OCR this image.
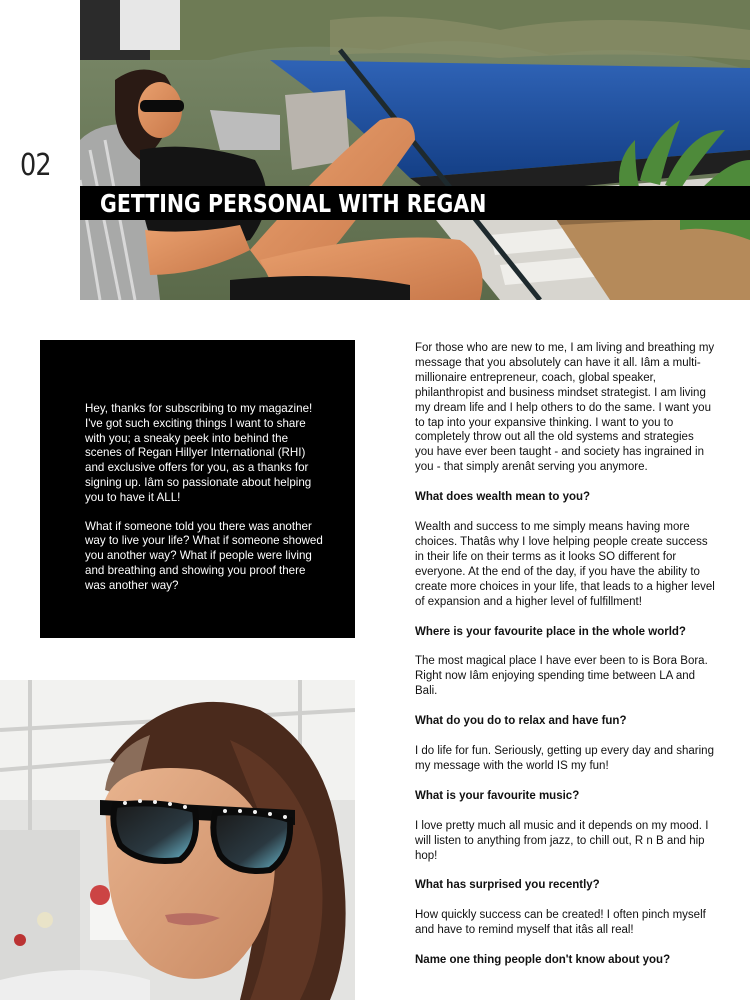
02
GETTING PERSONAL WITH REGAN

Hey, thanks for subscribing to my magazine! I've got such exciting things I want to share with you; a sneaky peek into behind the scenes of Regan Hillyer International (RHI) and exclusive offers for you, as a thanks for signing up. Iâm so passionate about helping you to have it ALL!

What if someone told you there was another way to live your life? What if someone showed you another way? What if people were living and breathing and showing you proof there was another way?

For those who are new to me, I am living and breathing my message that you absolutely can have it all. Iâm a multi-millionaire entrepreneur, coach, global speaker, philanthropist and business mindset strategist. I am living my dream life and I help others to do the same. I want you to tap into your expansive thinking. I want to you to completely throw out all the old systems and strategies you have ever been taught - and society has ingrained in you - that simply arenât serving you anymore.

What does wealth mean to you?

Wealth and success to me simply means having more choices. Thatâs why I love helping people create success in their life on their terms as it looks SO different for everyone. At the end of the day, if you have the ability to create more choices in your life, that leads to a higher level of expansion and a higher level of fulfillment!

Where is your favourite place in the whole world?

The most magical place I have ever been to is Bora Bora. Right now Iâm enjoying spending time between LA and Bali.

What do you do to relax and have fun?

I do life for fun. Seriously, getting up every day and sharing my message with the world IS my fun!

What is your favourite music?

I love pretty much all music and it depends on my mood. I will listen to anything from jazz, to chill out, R n B and hip hop!

What has surprised you recently?

How quickly success can be created! I often pinch myself and have to remind myself that itâs all real!

Name one thing people don't know about you?
